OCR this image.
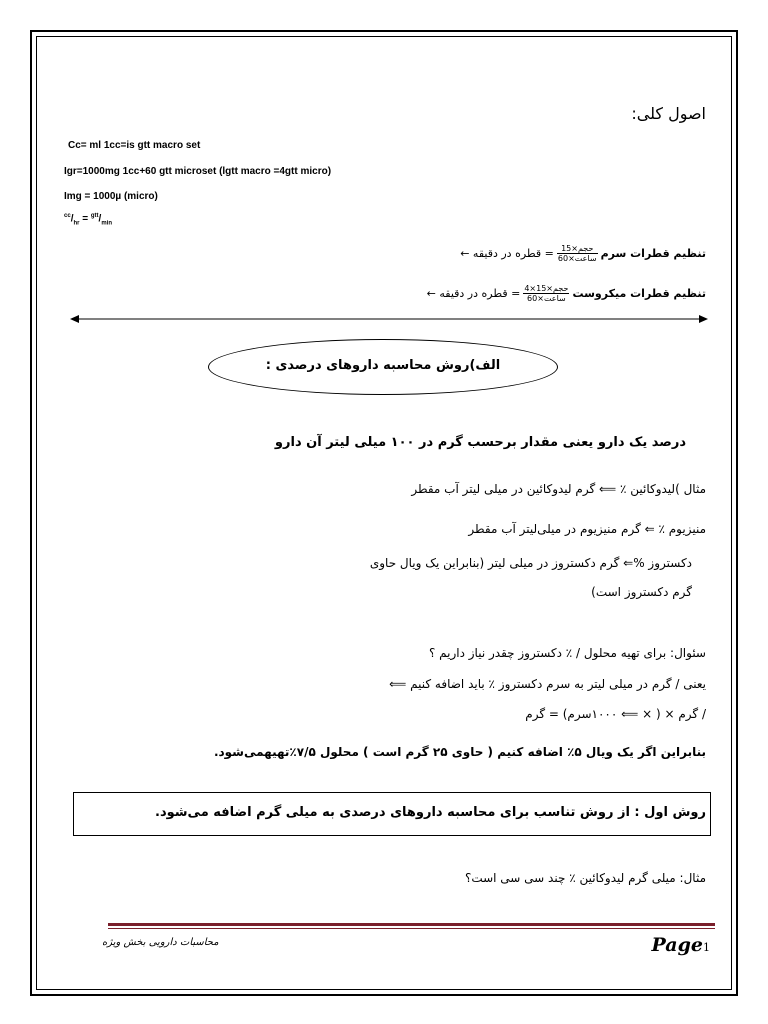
اصول کلی:
Cc= ml 1cc=is gtt macro set
Igr=1000mg 1cc+60 gtt microset (lgtt macro =4gtt micro)
Img = 1000µ (micro)
$^{cc}/_{hr} = ^{gtt}/_{min}$
= قطره در دقیقه ← $\frac{\text{15×حجم}}{\text{60×ساعت}}$ تنظیم قطرات سرم
= قطره در دقیقه ← $\frac{\text{4×15×حجم}}{\text{60×ساعت}}$ تنظیم قطرات میکروست
الف)روش محاسبه داروهای درصدی :
درصد یک دارو یعنی مقدار برحسب گرم در ۱۰۰ میلی لیتر آن دارو
مثال )لیدوکائین ٪ ⟸ گرم لیدوکائین در میلی لیتر آب مقطر
منیزیوم ٪ ⇐ گرم منیزیوم در میلی‌لیتر آب مقطر
دکستروز %⇐ گرم دکستروز در میلی لیتر (بنابراین یک ویال حاوی
گرم دکستروز است)
سئوال: برای تهیه محلول / ٪ دکستروز چقدر نیاز داریم ؟
یعنی / گرم در میلی لیتر به سرم دکستروز ٪ باید اضافه کنیم ⟸
/ گرم × ( × ⟸ ۱۰۰۰سرم) = گرم
بنابراین اگر یک ویال ۵٪ اضافه کنیم ( حاوی ۲۵ گرم است ) محلول ۷/۵٪تهیهمی‌شود.
روش اول : از روش تناسب برای محاسبه داروهای درصدی به میلی گرم اضافه می‌شود.
مثال: میلی گرم لیدوکائین ٪ چند سی سی است؟
محاسبات دارویی بخش ویژه	Page1
